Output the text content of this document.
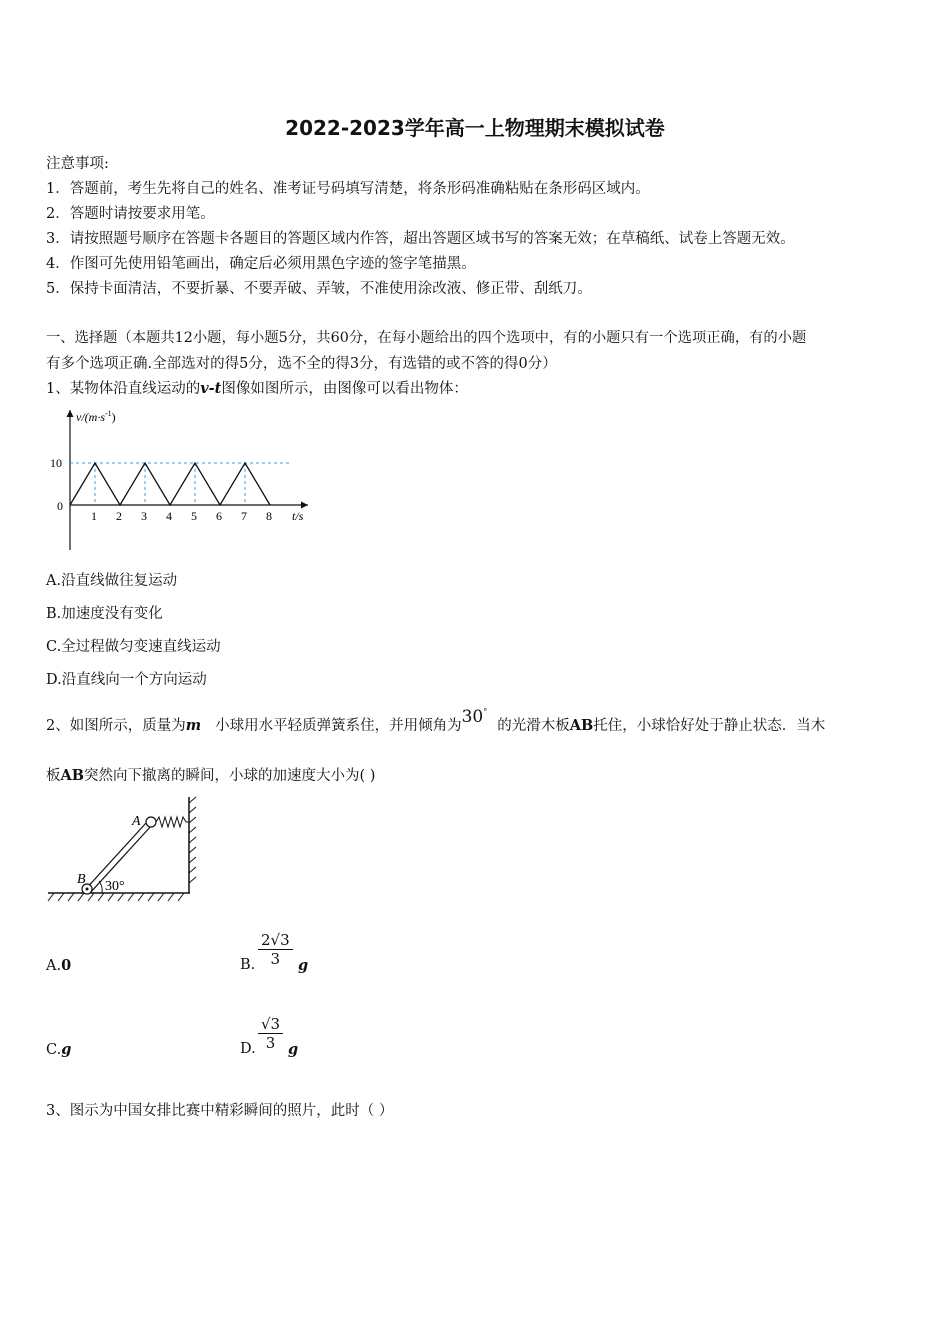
2022-2023学年高一上物理期末模拟试卷
注意事项:
1．答题前，考生先将自己的姓名、准考证号码填写清楚，将条形码准确粘贴在条形码区域内。
2．答题时请按要求用笔。
3．请按照题号顺序在答题卡各题目的答题区域内作答，超出答题区域书写的答案无效；在草稿纸、试卷上答题无效。
4．作图可先使用铅笔画出，确定后必须用黑色字迹的签字笔描黑。
5．保持卡面清洁，不要折暴、不要弄破、弄皱，不准使用涂改液、修正带、刮纸刀。
一、选择题（本题共12小题，每小题5分，共60分，在每小题给出的四个选项中，有的小题只有一个选项正确，有的小题
有多个选项正确.全部选对的得5分，选不全的得3分，有选错的或不答的得0分）
1、某物体沿直线运动的v-t图像如图所示，由图像可以看出物体：
$v/(m\cdot s^{-1})$
10
0
1 2 3 4 5 6 7 8 t/s
A.沿直线做往复运动
B.加速度没有变化
C.全过程做匀变速直线运动
D.沿直线向一个方向运动
2、如图所示，质量为m 小球用水平轻质弹簧系住，并用倾角为30°的光滑木板AB托住，小球恰好处于静止状态．当木
板AB突然向下撤离的瞬间，小球的加速度大小为( )
A
B 30°
A.0	B. $\frac{2√3}{3}$ g
C.g	D. $\frac{√3}{3}$ g
3、图示为中国女排比赛中精彩瞬间的照片，此时（ ）
